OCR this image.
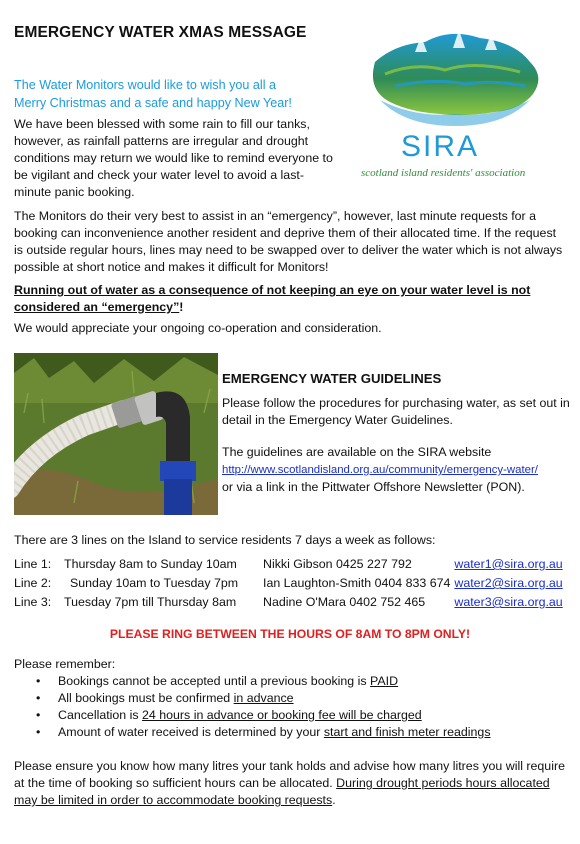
EMERGENCY WATER XMAS MESSAGE
The Water Monitors would like to wish you all a
Merry Christmas and a safe and happy New Year!
We have been blessed with some rain to fill our tanks, however, as rainfall patterns are irregular and drought conditions may return we would like to remind everyone to be vigilant and check your water level to avoid a last-minute panic booking.
SIRA
scotland island residents' association
The Monitors do their very best to assist in an “emergency”, however, last minute requests for a booking can inconvenience another resident and deprive them of their allocated time. If the request is outside regular hours, lines may need to be swapped over to deliver the water which is not always possible at short notice and makes it difficult for Monitors!
Running out of water as a consequence of not keeping an eye on your water level is not considered an “emergency”!
We would appreciate your ongoing co-operation and consideration.
EMERGENCY WATER GUIDELINES
Please follow the procedures for purchasing water, as set out in detail in the Emergency Water Guidelines.
The guidelines are available on the SIRA website
http://www.scotlandisland.org.au/community/emergency-water/
or via a link in the Pittwater Offshore Newsletter (PON).
There are 3 lines on the Island to service residents 7 days a week as follows:
Line 1:	Thursday 8am to Sunday 10am	Nikki Gibson 0425 227 792	water1@sira.org.au
Line 2:	Sunday 10am to Tuesday 7pm	Ian Laughton-Smith 0404 833 674	water2@sira.org.au
Line 3:	Tuesday 7pm till Thursday 8am	Nadine O'Mara 0402 752 465	water3@sira.org.au
PLEASE RING BETWEEN THE HOURS OF 8AM TO 8PM ONLY!
Please remember:
• Bookings cannot be accepted until a previous booking is PAID
• All bookings must be confirmed in advance
• Cancellation is 24 hours in advance or booking fee will be charged
• Amount of water received is determined by your start and finish meter readings
Please ensure you know how many litres your tank holds and advise how many litres you will require at the time of booking so sufficient hours can be allocated. During drought periods hours allocated may be limited in order to accommodate booking requests.
